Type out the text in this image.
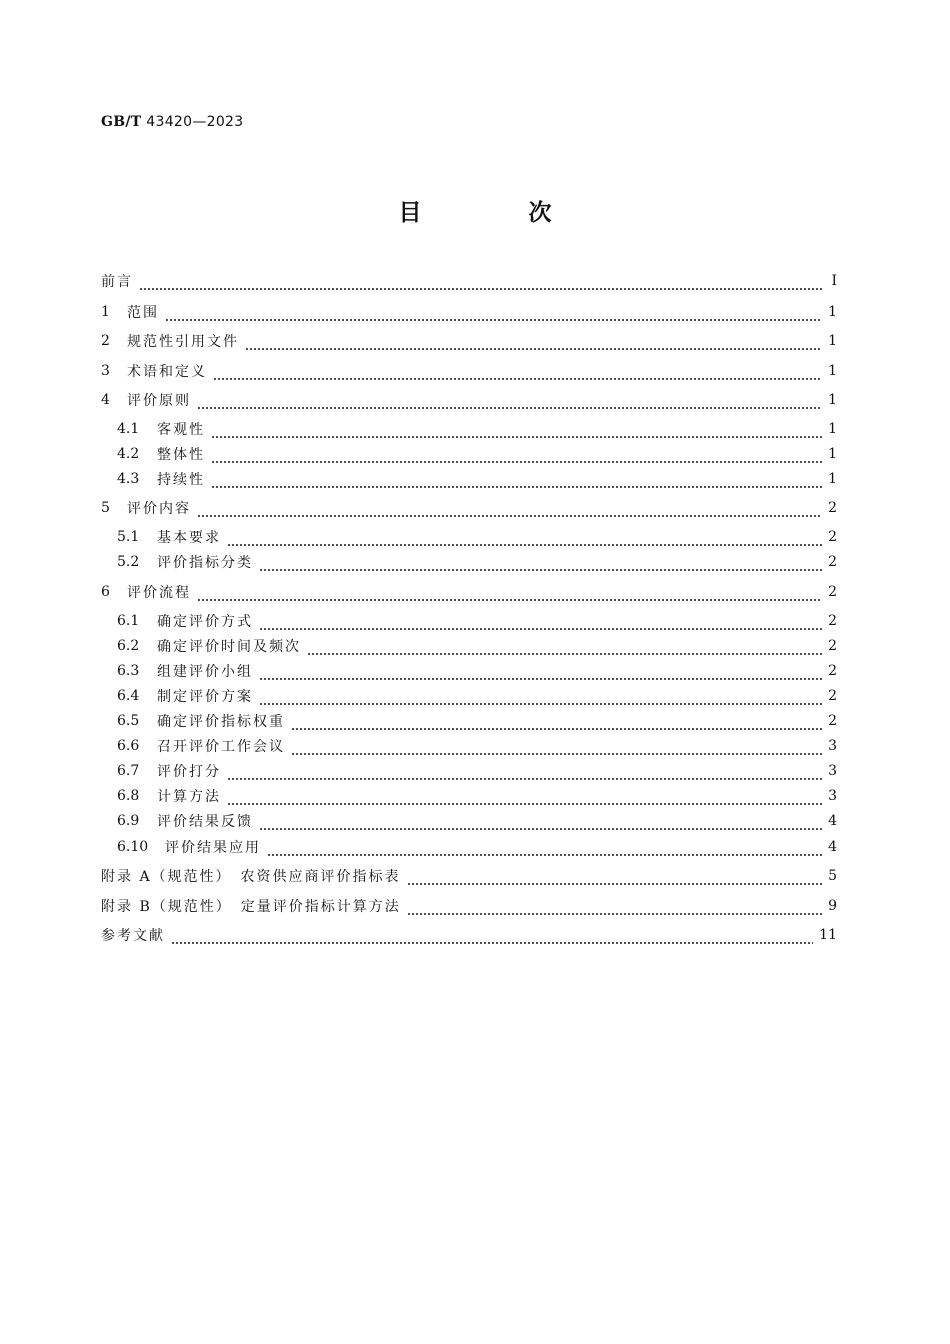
GB/T 43420—2023
目　次
前言	Ⅰ
1	范围	1
2	规范性引用文件	1
3	术语和定义	1
4	评价原则	1
4.1	客观性	1
4.2	整体性	1
4.3	持续性	1
5	评价内容	2
5.1	基本要求	2
5.2	评价指标分类	2
6	评价流程	2
6.1	确定评价方式	2
6.2	确定评价时间及频次	2
6.3	组建评价小组	2
6.4	制定评价方案	2
6.5	确定评价指标权重	2
6.6	召开评价工作会议	3
6.7	评价打分	3
6.8	计算方法	3
6.9	评价结果反馈	4
6.10	评价结果应用	4
附录 A（规范性）　农资供应商评价指标表	5
附录 B（规范性）　定量评价指标计算方法	9
参考文献	11
